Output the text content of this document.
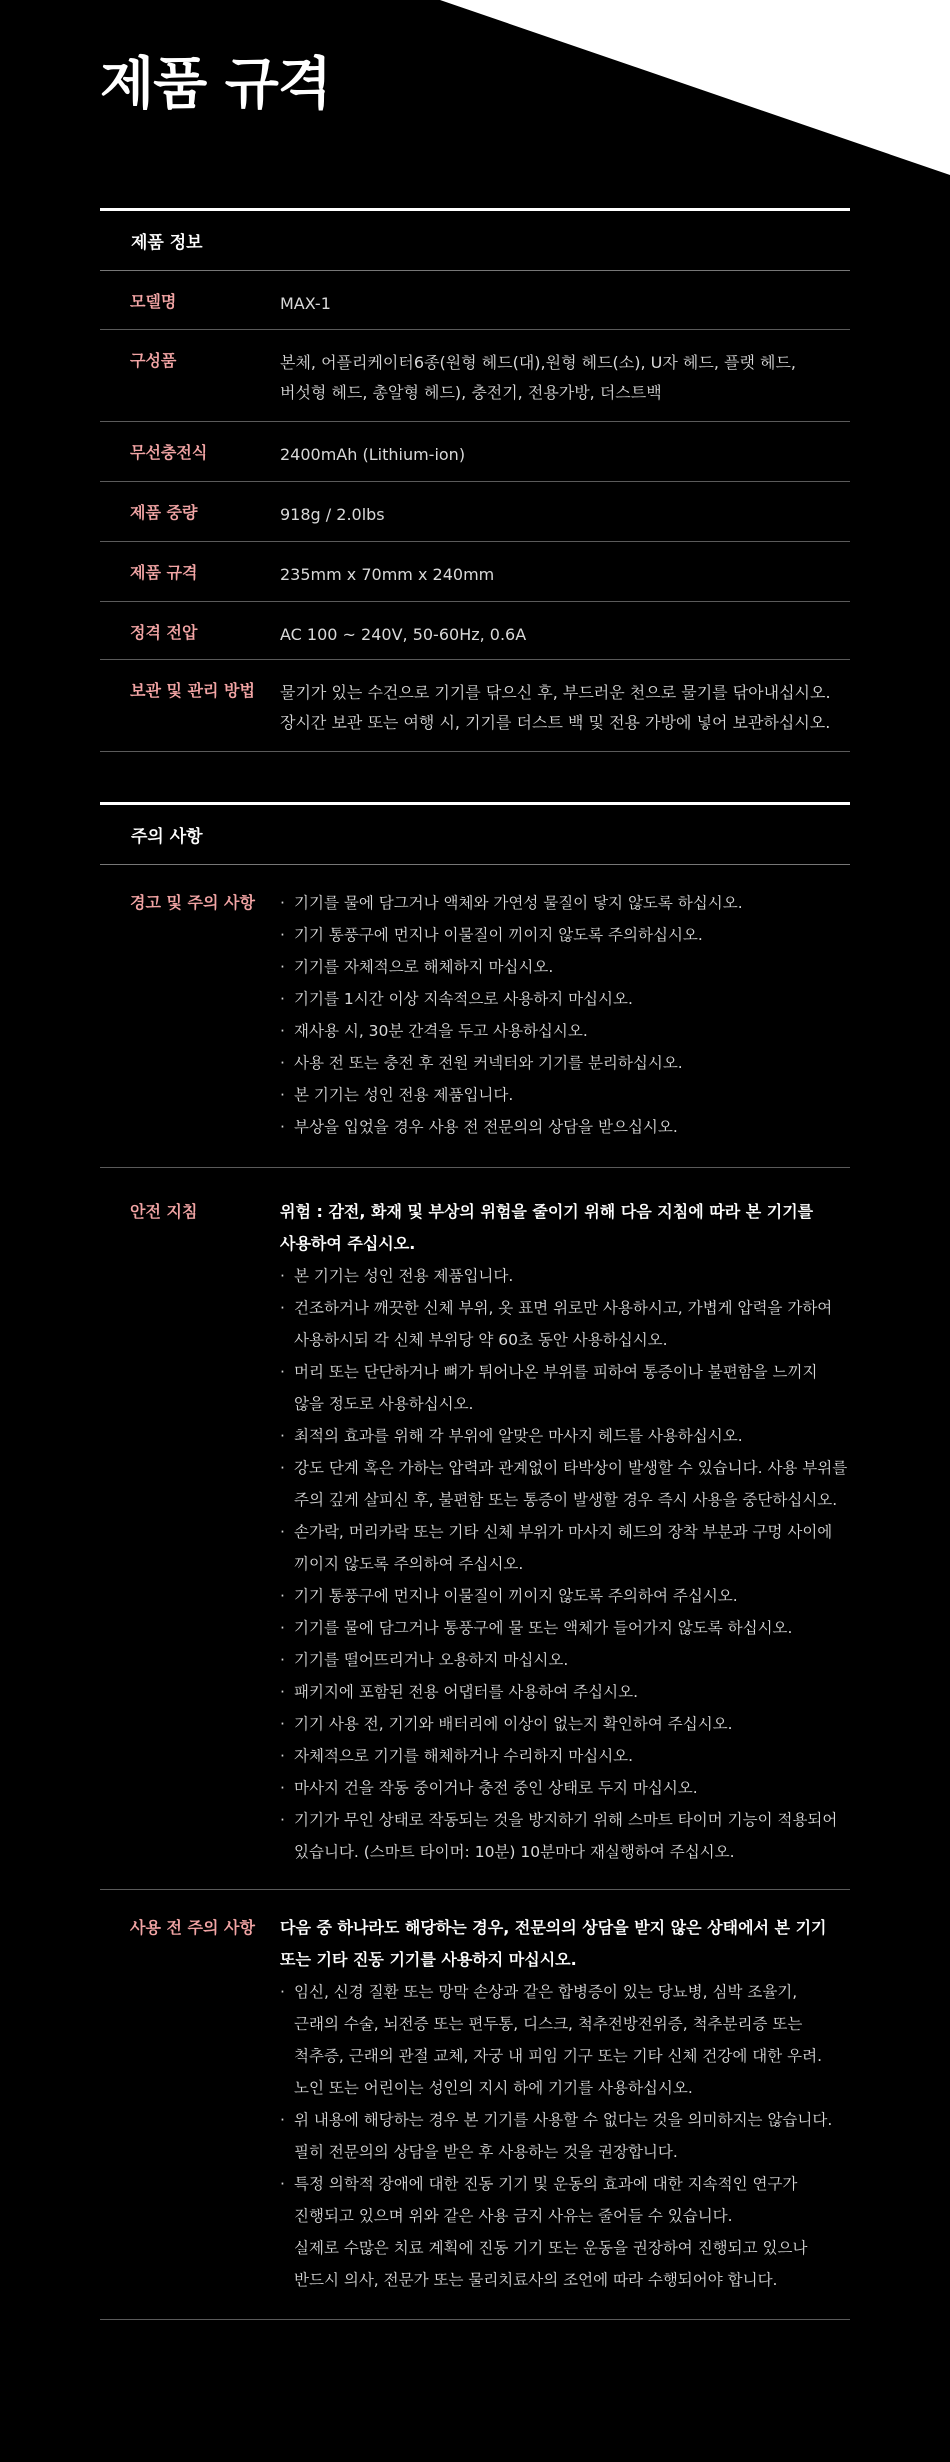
제품 규격
제품 정보
모델명	MAX-1
구성품	본체, 어플리케이터6종(원형 헤드(대),원형 헤드(소), U자 헤드, 플랫 헤드,
버섯형 헤드, 총알형 헤드), 충전기, 전용가방, 더스트백
무선충전식	2400mAh (Lithium-ion)
제품 중량	918g / 2.0lbs
제품 규격	235mm x 70mm x 240mm
정격 전압	AC 100 ~ 240V, 50-60Hz, 0.6A
보관 및 관리 방법	물기가 있는 수건으로 기기를 닦으신 후, 부드러운 천으로 물기를 닦아내십시오.
장시간 보관 또는 여행 시, 기기를 더스트 백 및 전용 가방에 넣어 보관하십시오.
주의 사항
경고 및 주의 사항	· 기기를 물에 담그거나 액체와 가연성 물질이 닿지 않도록 하십시오.
· 기기 통풍구에 먼지나 이물질이 끼이지 않도록 주의하십시오.
· 기기를 자체적으로 해체하지 마십시오.
· 기기를 1시간 이상 지속적으로 사용하지 마십시오.
· 재사용 시, 30분 간격을 두고 사용하십시오.
· 사용 전 또는 충전 후 전원 커넥터와 기기를 분리하십시오.
· 본 기기는 성인 전용 제품입니다.
· 부상을 입었을 경우 사용 전 전문의의 상담을 받으십시오.
안전 지침	위험 : 감전, 화재 및 부상의 위험을 줄이기 위해 다음 지침에 따라 본 기기를
사용하여 주십시오.
· 본 기기는 성인 전용 제품입니다.
· 건조하거나 깨끗한 신체 부위, 옷 표면 위로만 사용하시고, 가볍게 압력을 가하여
사용하시되 각 신체 부위당 약 60초 동안 사용하십시오.
· 머리 또는 단단하거나 뼈가 튀어나온 부위를 피하여 통증이나 불편함을 느끼지
않을 정도로 사용하십시오.
· 최적의 효과를 위해 각 부위에 알맞은 마사지 헤드를 사용하십시오.
· 강도 단계 혹은 가하는 압력과 관계없이 타박상이 발생할 수 있습니다. 사용 부위를
주의 깊게 살피신 후, 불편함 또는 통증이 발생할 경우 즉시 사용을 중단하십시오.
· 손가락, 머리카락 또는 기타 신체 부위가 마사지 헤드의 장착 부분과 구멍 사이에
끼이지 않도록 주의하여 주십시오.
· 기기 통풍구에 먼지나 이물질이 끼이지 않도록 주의하여 주십시오.
· 기기를 물에 담그거나 통풍구에 물 또는 액체가 들어가지 않도록 하십시오.
· 기기를 떨어뜨리거나 오용하지 마십시오.
· 패키지에 포함된 전용 어댑터를 사용하여 주십시오.
· 기기 사용 전, 기기와 배터리에 이상이 없는지 확인하여 주십시오.
· 자체적으로 기기를 해체하거나 수리하지 마십시오.
· 마사지 건을 작동 중이거나 충전 중인 상태로 두지 마십시오.
· 기기가 무인 상태로 작동되는 것을 방지하기 위해 스마트 타이머 기능이 적용되어
있습니다. (스마트 타이머: 10분) 10분마다 재실행하여 주십시오.
사용 전 주의 사항	다음 중 하나라도 해당하는 경우, 전문의의 상담을 받지 않은 상태에서 본 기기
또는 기타 진동 기기를 사용하지 마십시오.
· 임신, 신경 질환 또는 망막 손상과 같은 합병증이 있는 당뇨병, 심박 조율기,
근래의 수술, 뇌전증 또는 편두통, 디스크, 척추전방전위증, 척추분리증 또는
척추증, 근래의 관절 교체, 자궁 내 피임 기구 또는 기타 신체 건강에 대한 우려.
노인 또는 어린이는 성인의 지시 하에 기기를 사용하십시오.
· 위 내용에 해당하는 경우 본 기기를 사용할 수 없다는 것을 의미하지는 않습니다.
필히 전문의의 상담을 받은 후 사용하는 것을 권장합니다.
· 특정 의학적 장애에 대한 진동 기기 및 운동의 효과에 대한 지속적인 연구가
진행되고 있으며 위와 같은 사용 금지 사유는 줄어들 수 있습니다.
실제로 수많은 치료 계획에 진동 기기 또는 운동을 권장하여 진행되고 있으나
반드시 의사, 전문가 또는 물리치료사의 조언에 따라 수행되어야 합니다.
